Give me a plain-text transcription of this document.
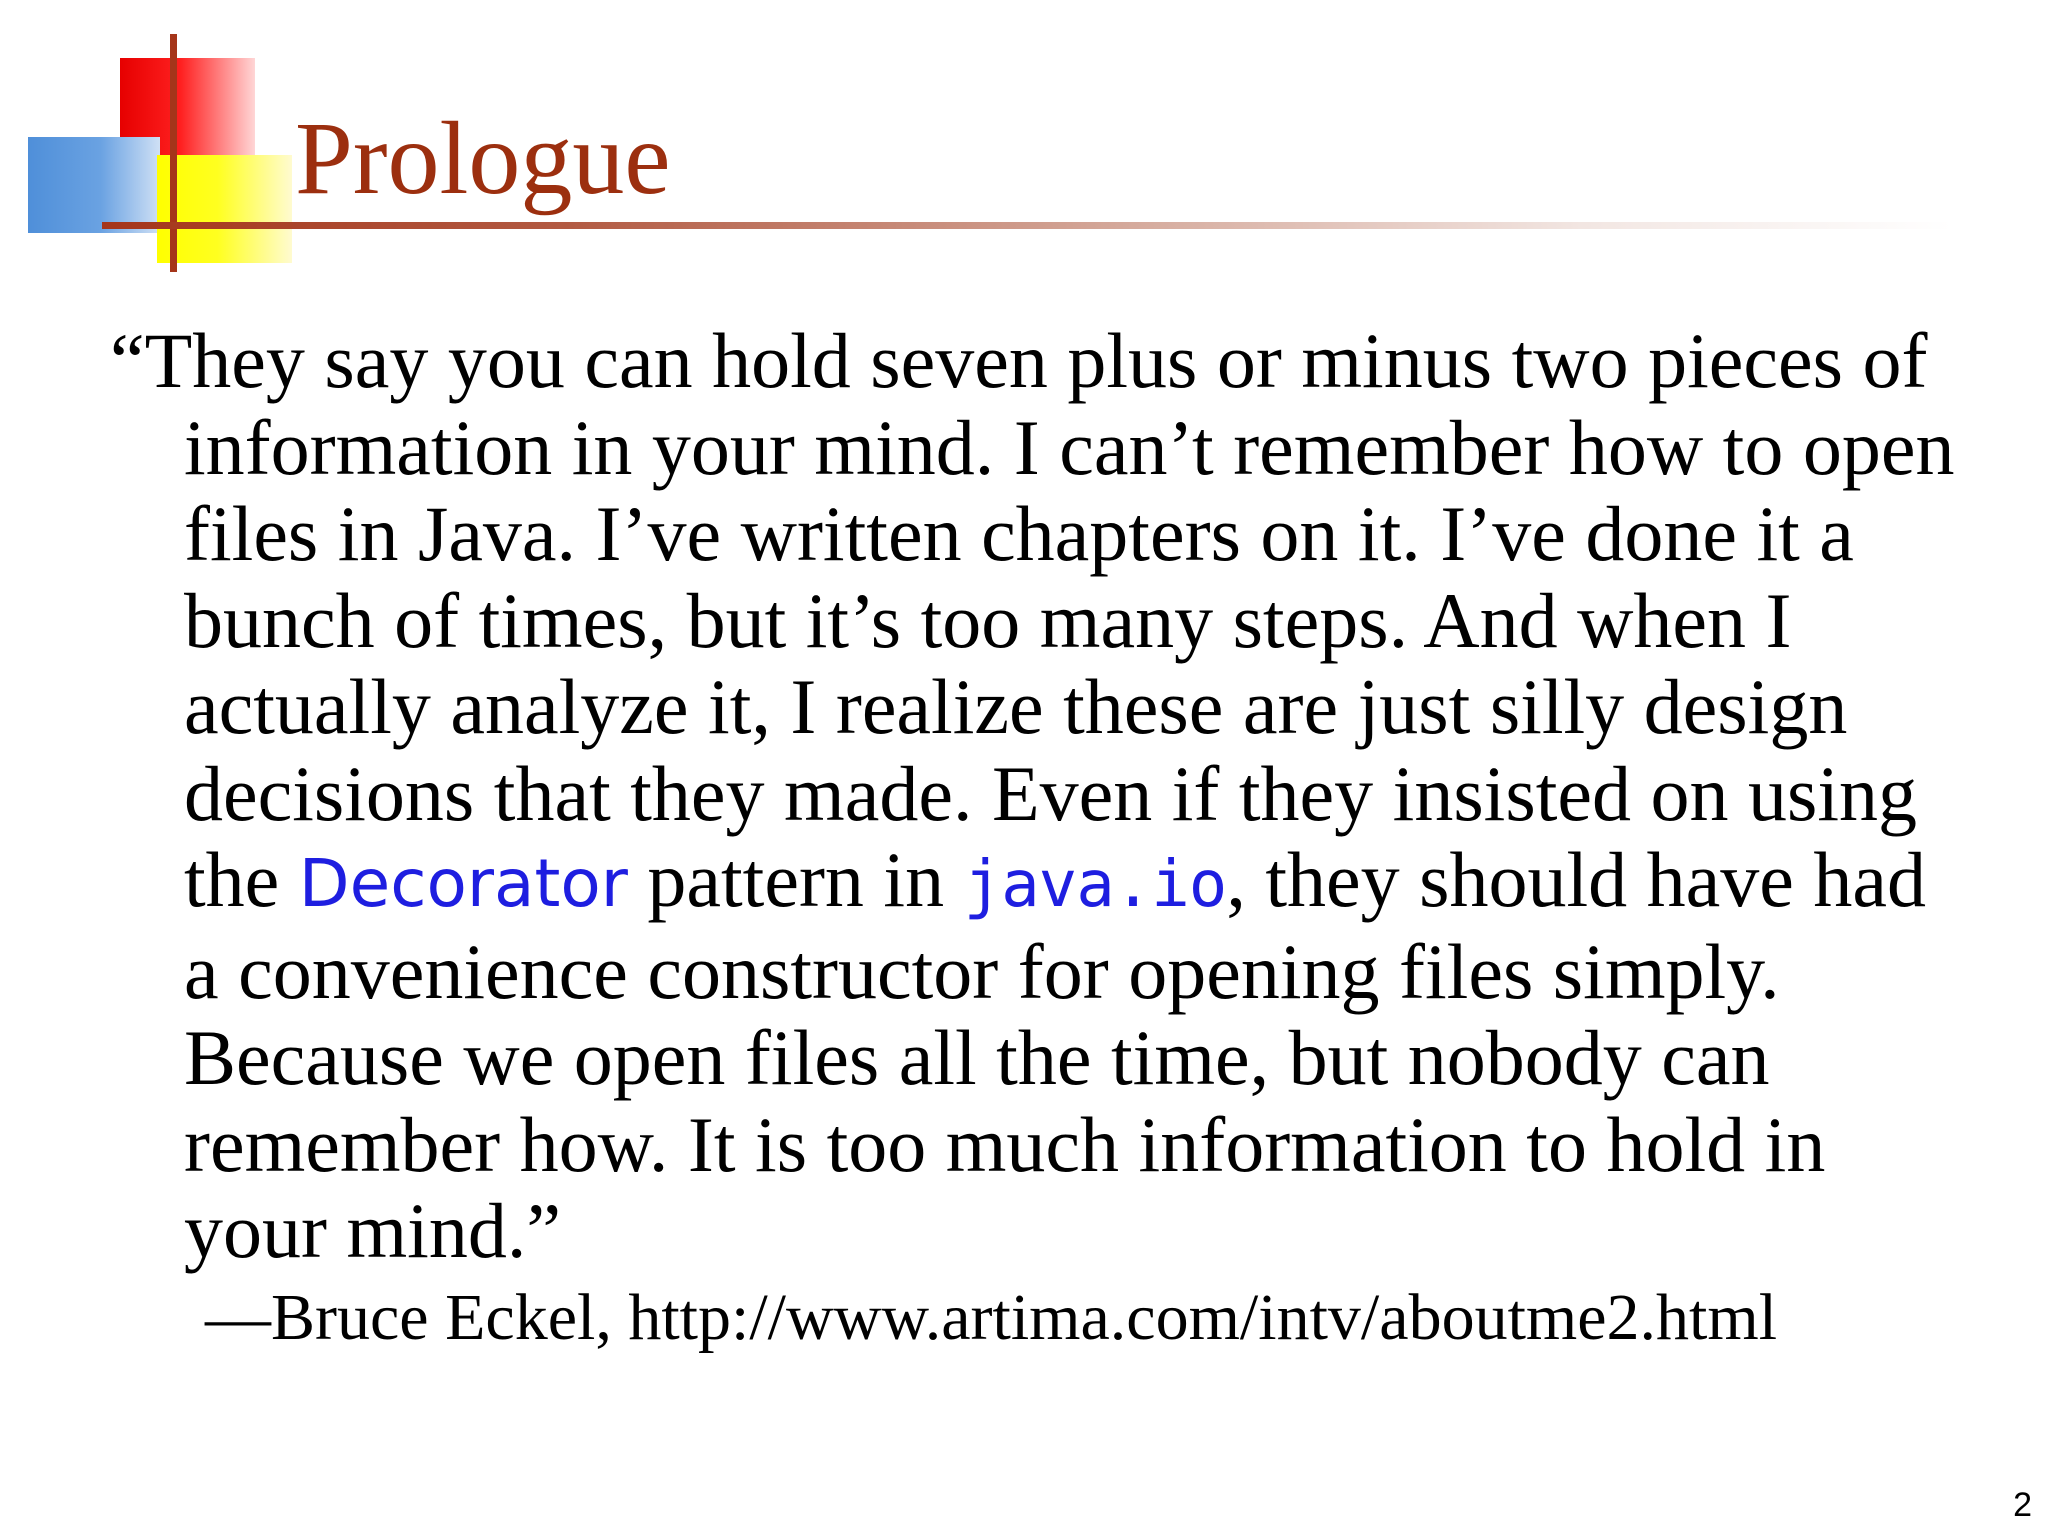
Prologue
“They say you can hold seven plus or minus two pieces of
information in your mind. I can’t remember how to open
files in Java. I’ve written chapters on it. I’ve done it a
bunch of times, but it’s too many steps. And when I
actually analyze it, I realize these are just silly design
decisions that they made. Even if they insisted on using
the Decorator pattern in java.io, they should have had
a convenience constructor for opening files simply.
Because we open files all the time, but nobody can
remember how. It is too much information to hold in
your mind.”

—Bruce Eckel, http://www.artima.com/intv/aboutme2.html

2
